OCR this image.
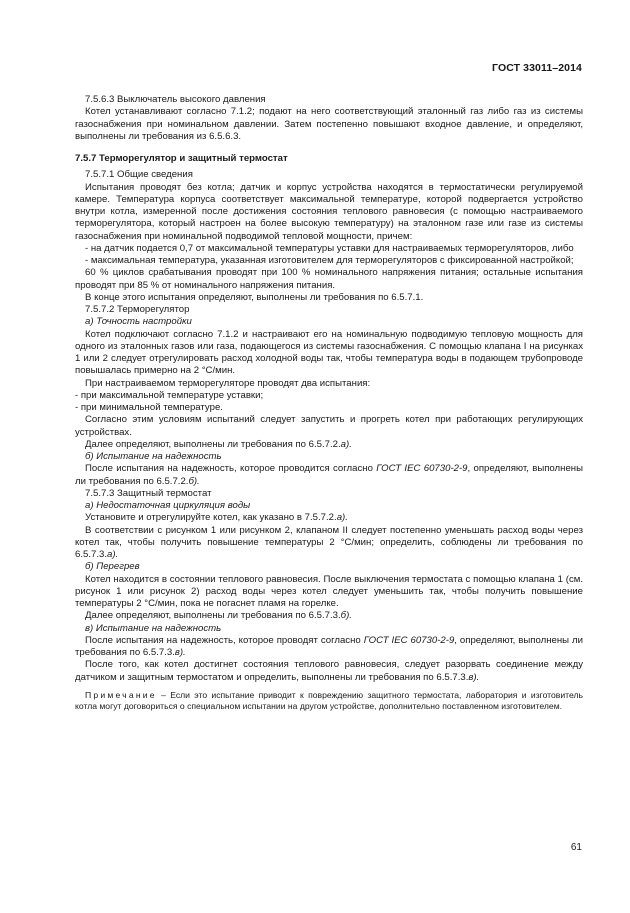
ГОСТ 33011–2014

7.5.6.3 Выключатель высокого давления

Котел устанавливают согласно 7.1.2; подают на него соответствующий эталонный газ либо газ из системы газоснабжения при номинальном давлении. Затем постепенно повышают входное давление, и определяют, выполнены ли требования из 6.5.6.3.

7.5.7 Терморегулятор и защитный термостат

7.5.7.1 Общие сведения

Испытания проводят без котла; датчик и корпус устройства находятся в термостатически регулируемой камере. Температура корпуса соответствует максимальной температуре, которой подвергается устройство внутри котла, измеренной после достижения состояния теплового равновесия (с помощью настраиваемого терморегулятора, который настроен на более высокую температуру) на эталонном газе или газе из системы газоснабжения при номинальной подводимой тепловой мощности, причем:

- на датчик подается 0,7 от максимальной температуры уставки для настраиваемых терморегуляторов, либо

- максимальная температура, указанная изготовителем для терморегуляторов с фиксированной настройкой;

60 % циклов срабатывания проводят при 100 % номинального напряжения питания; остальные испытания проводят при 85 % от номинального напряжения питания.

В конце этого испытания определяют, выполнены ли требования по 6.5.7.1.

7.5.7.2 Терморегулятор

а) Точность настройки

Котел подключают согласно 7.1.2 и настраивают его на номинальную подводимую тепловую мощность для одного из эталонных газов или газа, подающегося из системы газоснабжения. С помощью клапана I на рисунках 1 или 2 следует отрегулировать расход холодной воды так, чтобы температура воды в подающем трубопроводе повышалась примерно на 2 °С/мин.

При настраиваемом терморегуляторе проводят два испытания:

- при максимальной температуре уставки;

- при минимальной температуре.

Согласно этим условиям испытаний следует запустить и прогреть котел при работающих регулирующих устройствах.

Далее определяют, выполнены ли требования по 6.5.7.2.а).

б) Испытание на надежность

После испытания на надежность, которое проводится согласно ГОСТ IEC 60730-2-9, определяют, выполнены ли требования по 6.5.7.2.б).

7.5.7.3 Защитный термостат

а) Недостаточная циркуляция воды

Установите и отрегулируйте котел, как указано в 7.5.7.2.а).

В соответствии с рисунком 1 или рисунком 2, клапаном II следует постепенно уменьшать расход воды через котел так, чтобы получить повышение температуры 2 °С/мин; определить, соблюдены ли требования по 6.5.7.3.а).

б) Перегрев

Котел находится в состоянии теплового равновесия. После выключения термостата с помощью клапана 1 (см. рисунок 1 или рисунок 2) расход воды через котел следует уменьшить так, чтобы получить повышение температуры 2 °С/мин, пока не погаснет пламя на горелке.

Далее определяют, выполнены ли требования по 6.5.7.3.б).

в) Испытание на надежность

После испытания на надежность, которое проводят согласно ГОСТ IEC 60730-2-9, определяют, выполнены ли требования по 6.5.7.3.в).

После того, как котел достигнет состояния теплового равновесия, следует разорвать соединение между датчиком и защитным термостатом и определить, выполнены ли требования по 6.5.7.3.в).

Примечание – Если это испытание приводит к повреждению защитного термостата, лаборатория и изготовитель котла могут договориться о специальном испытании на другом устройстве, дополнительно поставленном изготовителем.

61
